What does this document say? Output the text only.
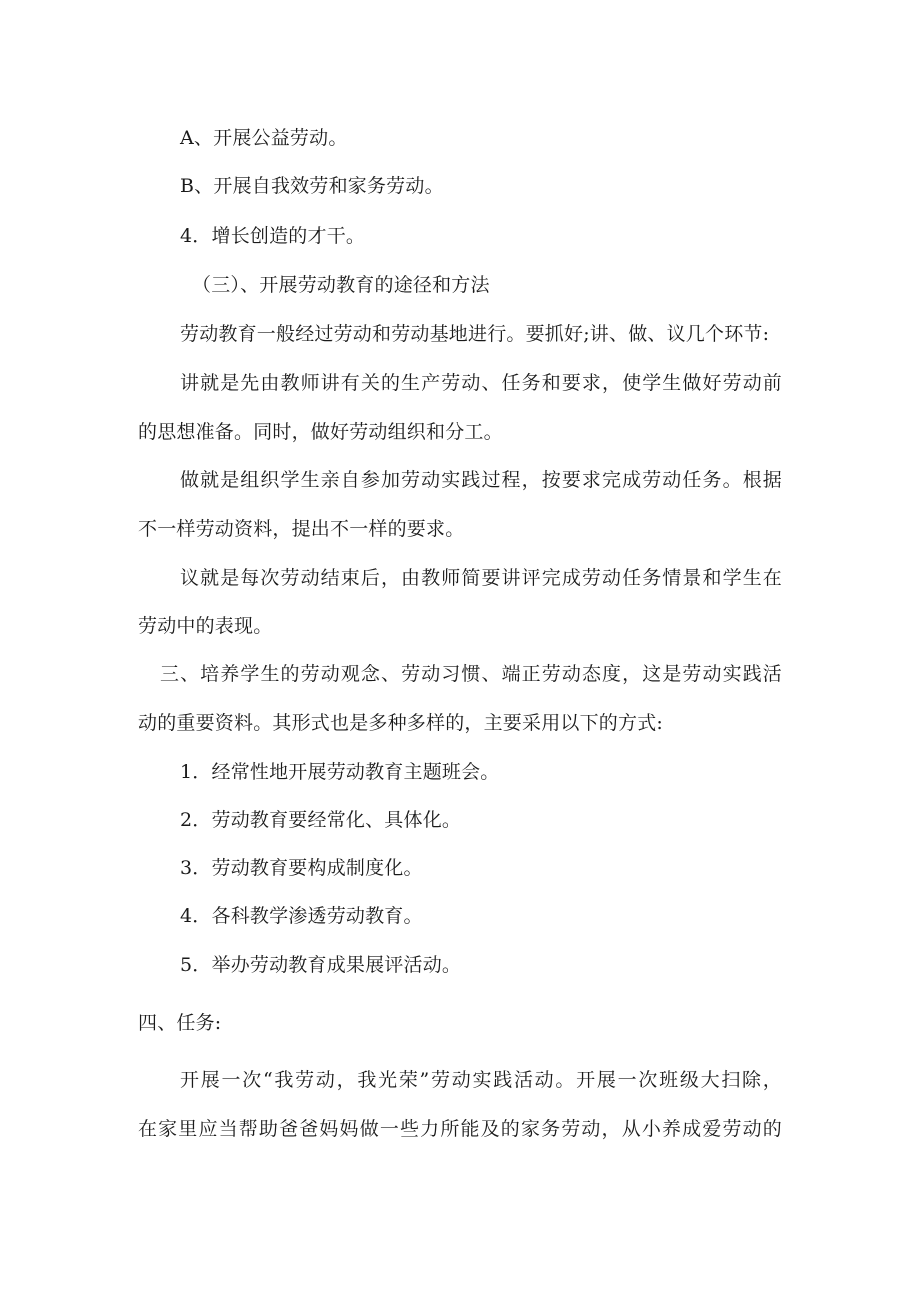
A、开展公益劳动。
B、开展自我效劳和家务劳动。
4．增长创造的才干。
（三）、开展劳动教育的途径和方法
劳动教育一般经过劳动和劳动基地进行。要抓好;讲、做、议几个环节:
讲就是先由教师讲有关的生产劳动、任务和要求，使学生做好劳动前
的思想准备。同时，做好劳动组织和分工。
做就是组织学生亲自参加劳动实践过程，按要求完成劳动任务。根据
不一样劳动资料，提出不一样的要求。
议就是每次劳动结束后，由教师简要讲评完成劳动任务情景和学生在
劳动中的表现。
三、培养学生的劳动观念、劳动习惯、端正劳动态度，这是劳动实践活
动的重要资料。其形式也是多种多样的，主要采用以下的方式:
1．经常性地开展劳动教育主题班会。
2．劳动教育要经常化、具体化。
3．劳动教育要构成制度化。
4．各科教学渗透劳动教育。
5．举办劳动教育成果展评活动。
四、任务:
开展一次“我劳动，我光荣”劳动实践活动。开展一次班级大扫除，
在家里应当帮助爸爸妈妈做一些力所能及的家务劳动，从小养成爱劳动的
